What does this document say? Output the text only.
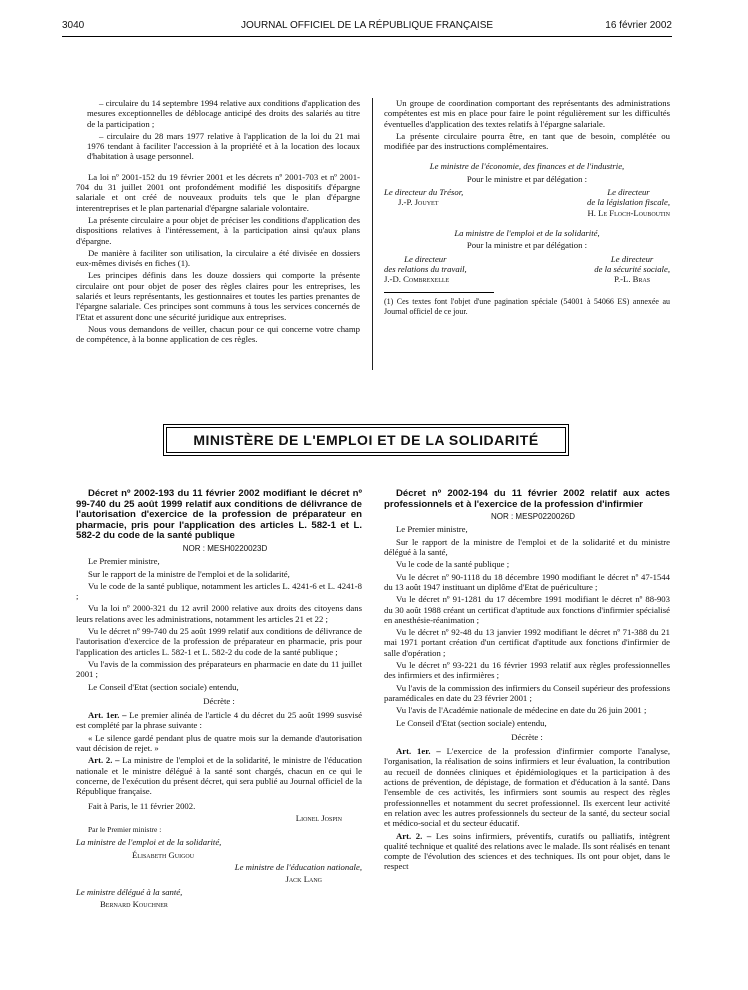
3040	JOURNAL OFFICIEL DE LA RÉPUBLIQUE FRANÇAISE	16 février 2002

– circulaire du 14 septembre 1994 relative aux conditions d'application des mesures exceptionnelles de déblocage anticipé des droits des salariés au titre de la participation ;

– circulaire du 28 mars 1977 relative à l'application de la loi du 21 mai 1976 tendant à faciliter l'accession à la propriété et à la location des locaux d'habitation à usage personnel.

La loi nº 2001-152 du 19 février 2001 et les décrets nº 2001-703 et nº 2001-704 du 31 juillet 2001 ont profondément modifié les dispositifs d'épargne salariale et ont créé de nouveaux produits tels que le plan d'épargne interentreprises et le plan partenarial d'épargne salariale volontaire.

La présente circulaire a pour objet de préciser les conditions d'application des dispositions relatives à l'intéressement, à la participation ainsi qu'aux plans d'épargne.

De manière à faciliter son utilisation, la circulaire a été divisée en dossiers eux-mêmes divisés en fiches (1).

Les principes définis dans les douze dossiers qui comporte la présente circulaire ont pour objet de poser des règles claires pour les entreprises, les salariés et leurs représentants, les gestionnaires et toutes les parties prenantes de l'épargne salariale. Ces principes sont communs à tous les services concernés de l'Etat et assurent donc une sécurité juridique aux entreprises.

Nous vous demandons de veiller, chacun pour ce qui concerne votre champ de compétence, à la bonne application de ces règles.

Un groupe de coordination comportant des représentants des administrations compétentes est mis en place pour faire le point régulièrement sur les difficultés éventuelles d'application des textes relatifs à l'épargne salariale.

La présente circulaire pourra être, en tant que de besoin, complétée ou modifiée par des instructions complémentaires.

Le ministre de l'économie, des finances et de l'industrie,

Pour le ministre et par délégation :

Le directeur du Trésor,
J.-P. Jouyet
Le directeur
de la législation fiscale,
H. Le Floch-Louboutin

La ministre de l'emploi et de la solidarité,

Pour la ministre et par délégation :

Le directeur
des relations du travail,
J.-D. Combrexelle
Le directeur
de la sécurité sociale,
P.-L. Bras

(1) Ces textes font l'objet d'une pagination spéciale (54001 à 54066 ES) annexée au Journal officiel de ce jour.

MINISTÈRE DE L'EMPLOI ET DE LA SOLIDARITÉ

Décret nº 2002-193 du 11 février 2002 modifiant le décret nº 99-740 du 25 août 1999 relatif aux conditions de délivrance de l'autorisation d'exercice de la profession de préparateur en pharmacie, pris pour l'application des articles L. 582-1 et L. 582-2 du code de la santé publique

NOR : MESH0220023D

Le Premier ministre,

Sur le rapport de la ministre de l'emploi et de la solidarité,

Vu le code de la santé publique, notamment les articles L. 4241-6 et L. 4241-8 ;

Vu la loi nº 2000-321 du 12 avril 2000 relative aux droits des citoyens dans leurs relations avec les administrations, notamment les articles 21 et 22 ;

Vu le décret nº 99-740 du 25 août 1999 relatif aux conditions de délivrance de l'autorisation d'exercice de la profession de préparateur en pharmacie, pris pour l'application des articles L. 582-1 et L. 582-2 du code de la santé publique ;

Vu l'avis de la commission des préparateurs en pharmacie en date du 11 juillet 2001 ;

Le Conseil d'Etat (section sociale) entendu,

Décrète :

Art. 1er. – Le premier alinéa de l'article 4 du décret du 25 août 1999 susvisé est complété par la phrase suivante :

« Le silence gardé pendant plus de quatre mois sur la demande d'autorisation vaut décision de rejet. »

Art. 2. – La ministre de l'emploi et de la solidarité, le ministre de l'éducation nationale et le ministre délégué à la santé sont chargés, chacun en ce qui le concerne, de l'exécution du présent décret, qui sera publié au Journal officiel de la République française.

Fait à Paris, le 11 février 2002.

Lionel Jospin

Par le Premier ministre :

La ministre de l'emploi et de la solidarité,

Élisabeth Guigou

Le ministre de l'éducation nationale,

Jack Lang

Le ministre délégué à la santé,

Bernard Kouchner

Décret nº 2002-194 du 11 février 2002 relatif aux actes professionnels et à l'exercice de la profession d'infirmier

NOR : MESP0220026D

Le Premier ministre,

Sur le rapport de la ministre de l'emploi et de la solidarité et du ministre délégué à la santé,

Vu le code de la santé publique ;

Vu le décret nº 90-1118 du 18 décembre 1990 modifiant le décret nº 47-1544 du 13 août 1947 instituant un diplôme d'Etat de puériculture ;

Vu le décret nº 91-1281 du 17 décembre 1991 modifiant le décret nº 88-903 du 30 août 1988 créant un certificat d'aptitude aux fonctions d'infirmier spécialisé en anesthésie-réanimation ;

Vu le décret nº 92-48 du 13 janvier 1992 modifiant le décret nº 71-388 du 21 mai 1971 portant création d'un certificat d'aptitude aux fonctions d'infirmier de salle d'opération ;

Vu le décret nº 93-221 du 16 février 1993 relatif aux règles professionnelles des infirmiers et des infirmières ;

Vu l'avis de la commission des infirmiers du Conseil supérieur des professions paramédicales en date du 23 février 2001 ;

Vu l'avis de l'Académie nationale de médecine en date du 26 juin 2001 ;

Le Conseil d'Etat (section sociale) entendu,

Décrète :

Art. 1er. – L'exercice de la profession d'infirmier comporte l'analyse, l'organisation, la réalisation de soins infirmiers et leur évaluation, la contribution au recueil de données cliniques et épidémiologiques et la participation à des actions de prévention, de dépistage, de formation et d'éducation à la santé. Dans l'ensemble de ces activités, les infirmiers sont soumis au respect des règles professionnelles et notamment du secret professionnel. Ils exercent leur activité en relation avec les autres professionnels du secteur de la santé, du secteur social et médico-social et du secteur éducatif.

Art. 2. – Les soins infirmiers, préventifs, curatifs ou palliatifs, intègrent qualité technique et qualité des relations avec le malade. Ils sont réalisés en tenant compte de l'évolution des sciences et des techniques. Ils ont pour objet, dans le respect
